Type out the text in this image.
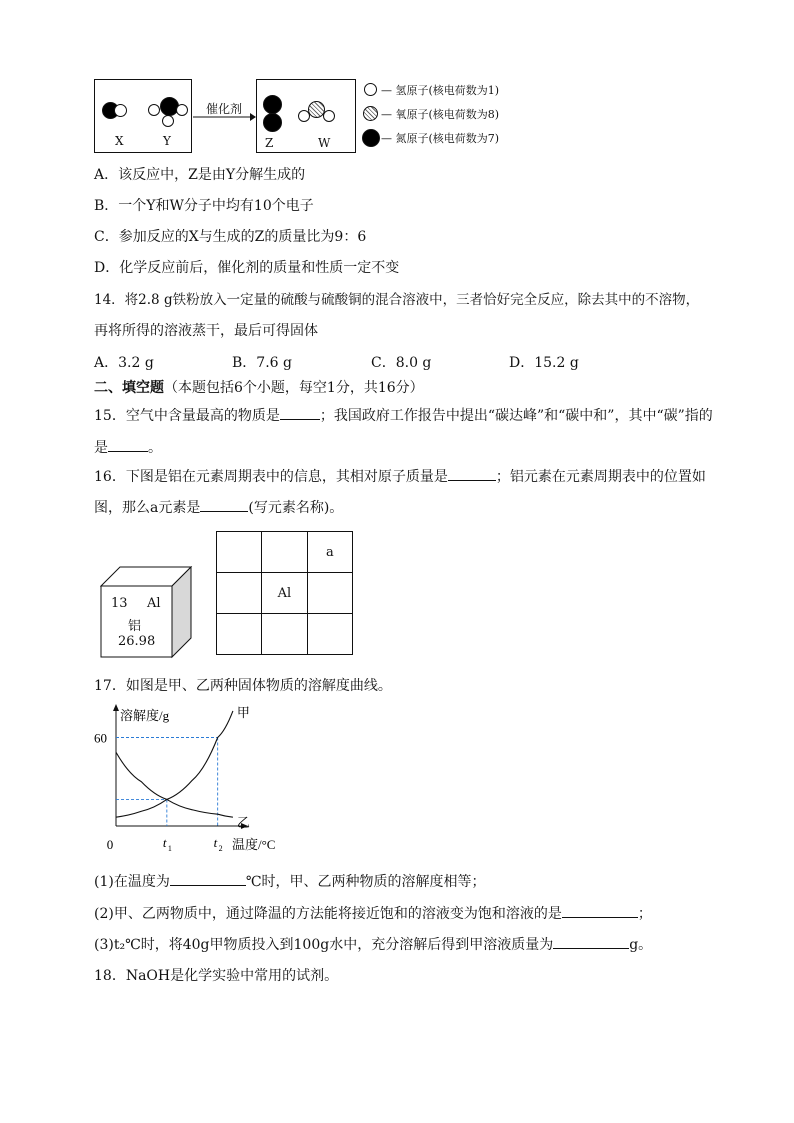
X	Y
催化剂
Z	W
— 氢原子(核电荷数为1)
— 氧原子(核电荷数为8)
— 氮原子(核电荷数为7)
A．该反应中，Z是由Y分解生成的
B．一个Y和W分子中均有10个电子
C．参加反应的X与生成的Z的质量比为9：6
D．化学反应前后，催化剂的质量和性质一定不变
14．将2.8 g铁粉放入一定量的硫酸与硫酸铜的混合溶液中，三者恰好完全反应，除去其中的不溶物，
再将所得的溶液蒸干，最后可得固体
A．3.2 g	B．7.6 g	C．8.0 g	D．15.2 g
二、填空题（本题包括6个小题，每空1分，共16分）
15．空气中含量最高的物质是	；我国政府工作报告中提出“碳达峰”和“碳中和”，其中“碳”指的
是	。
16．下图是铝在元素周期表中的信息，其相对原子质量是	；铝元素在元素周期表中的位置如
图，那么a元素是	(写元素名称)。
13 Al
铝
26.98
		a
	Al	

17．如图是甲、乙两种固体物质的溶解度曲线。
溶解度/g
温度/°C
0
60
t 1	t 2
甲
乙
(1)在温度为	℃时，甲、乙两种物质的溶解度相等；
(2)甲、乙两物质中，通过降温的方法能将接近饱和的溶液变为饱和溶液的是	；
(3)t₂℃时，将40g甲物质投入到100g水中，充分溶解后得到甲溶液质量为	g。
18．NaOH是化学实验中常用的试剂。
